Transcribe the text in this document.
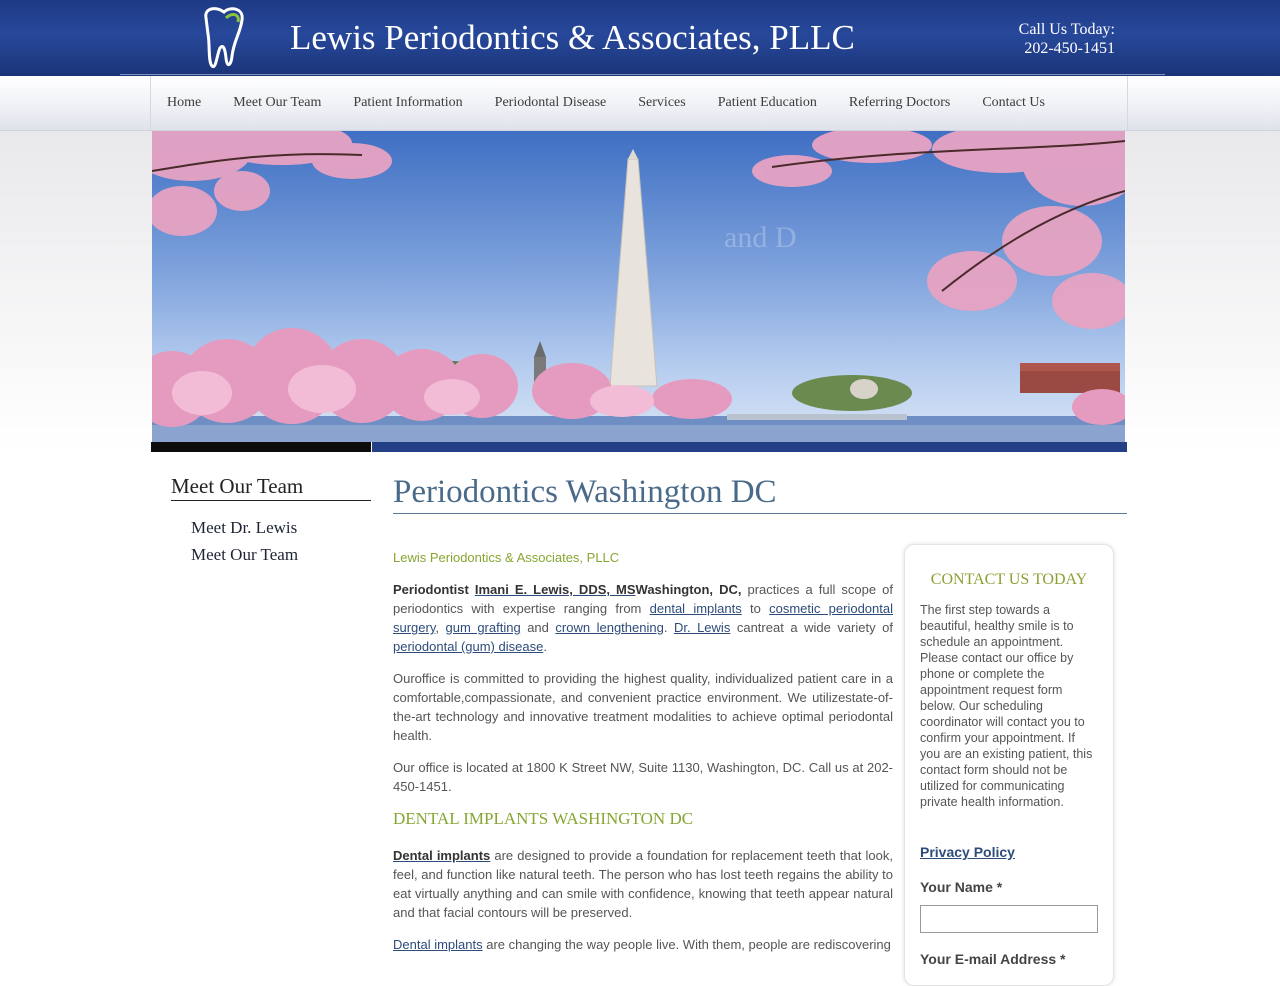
Lewis Periodontics & Associates, PLLC	Call Us Today:
202-450-1451
Home	Meet Our Team	Patient Information	Periodontal Disease	Services	Patient Education	Referring Doctors	Contact Us
and D
Meet Our Team
Meet Dr. Lewis
Meet Our Team
Periodontics Washington DC

Lewis Periodontics & Associates, PLLC

Periodontist Imani E. Lewis, DDS, MSWashington, DC, practices a full scope of periodontics with expertise ranging from dental implants to cosmetic periodontal surgery, gum grafting and crown lengthening. Dr. Lewis cantreat a wide variety of periodontal (gum) disease.

Ouroffice is committed to providing the highest quality, individualized patient care in a comfortable,compassionate, and convenient practice environment. We utilizestate-of-the-art technology and innovative treatment modalities to achieve optimal periodontal health.

Our office is located at 1800 K Street NW, Suite 1130, Washington, DC. Call us at 202-450-1451.

DENTAL IMPLANTS WASHINGTON DC

Dental implants are designed to provide a foundation for replacement teeth that look, feel, and function like natural teeth. The person who has lost teeth regains the ability to eat virtually anything and can smile with confidence, knowing that teeth appear natural and that facial contours will be preserved.

Dental implants are changing the way people live. With them, people are rediscovering

CONTACT US TODAY
The first step towards a beautiful, healthy smile is to schedule an appointment. Please contact our office by phone or complete the appointment request form below. Our scheduling coordinator will contact you to confirm your appointment. If you are an existing patient, this contact form should not be utilized for communicating private health information.
Privacy Policy
Your Name *
Your E-mail Address *
